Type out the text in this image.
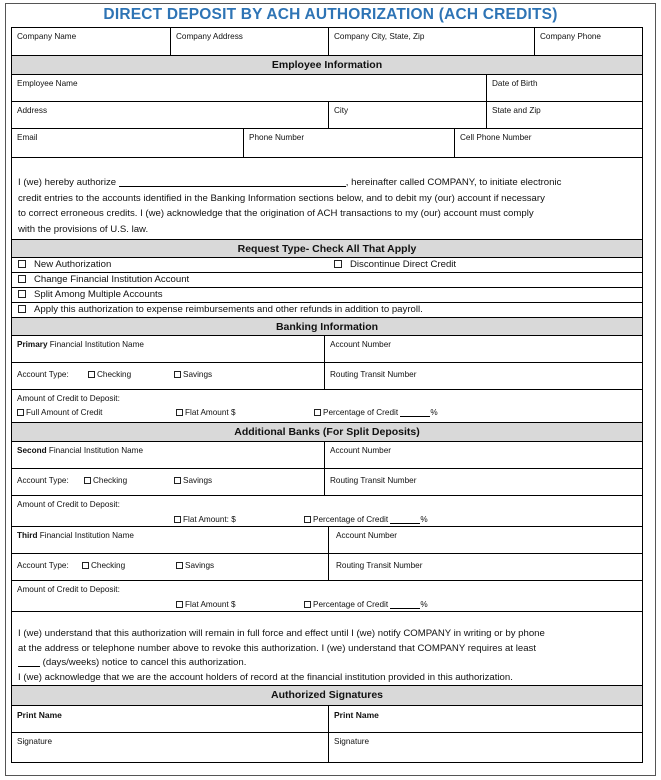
DIRECT DEPOSIT BY ACH AUTHORIZATION (ACH CREDITS)
Company Name	Company Address	Company City, State, Zip	Company Phone
Employee Information
Employee Name	Date of Birth
Address	City	State and Zip
Email	Phone Number	Cell Phone Number
I (we) hereby authorize	, hereinafter called COMPANY, to initiate electronic
credit entries to the accounts identified in the Banking Information sections below, and to debit my (our) account if necessary
to correct erroneous credits. I (we) acknowledge that the origination of ACH transactions to my (our) account must comply
with the provisions of U.S. law.
Request Type- Check All That Apply
New Authorization	Discontinue Direct Credit
Change Financial Institution Account
Split Among Multiple Accounts
Apply this authorization to expense reimbursements and other refunds in addition to payroll.
Banking Information
Primary Financial Institution Name	Account Number
Account Type:	Checking	Savings	Routing Transit Number
Amount of Credit to Deposit:
Full Amount of Credit	Flat Amount $	Percentage of Credit	%
Additional Banks (For Split Deposits)
Second Financial Institution Name	Account Number
Account Type:	Checking	Savings	Routing Transit Number
Amount of Credit to Deposit:
Flat Amount: $	Percentage of Credit	%
Third Financial Institution Name	Account Number
Account Type:	Checking	Savings	Routing Transit Number
Amount of Credit to Deposit:
Flat Amount $	Percentage of Credit	%
I (we) understand that this authorization will remain in full force and effect until I (we) notify COMPANY in writing or by phone
at the address or telephone number above to revoke this authorization. I (we) understand that COMPANY requires at least
(days/weeks) notice to cancel this authorization.
I (we) acknowledge that we are the account holders of record at the financial institution provided in this authorization.
Authorized Signatures
Print Name	Print Name
Signature	Signature
